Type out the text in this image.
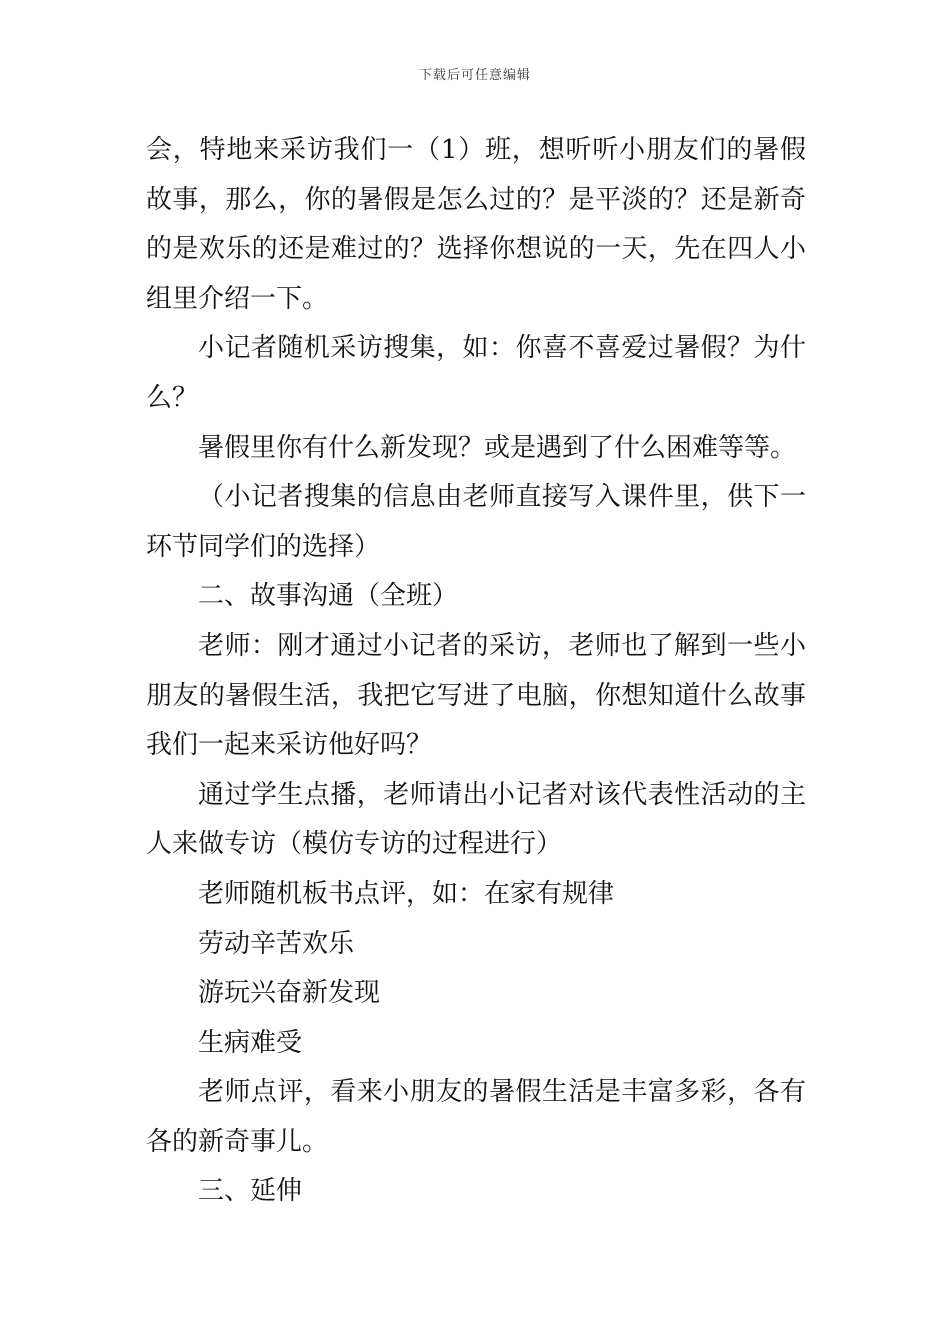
下载后可任意编辑

会，特地来采访我们一（1）班，想听听小朋友们的暑假故事，那么，你的暑假是怎么过的？是平淡的？还是新奇的是欢乐的还是难过的？选择你想说的一天，先在四人小组里介绍一下。

小记者随机采访搜集，如：你喜不喜爱过暑假？为什么？

暑假里你有什么新发现？或是遇到了什么困难等等。

（小记者搜集的信息由老师直接写入课件里，供下一环节同学们的选择）

二、故事沟通（全班）

老师：刚才通过小记者的采访，老师也了解到一些小朋友的暑假生活，我把它写进了电脑，你想知道什么故事我们一起来采访他好吗？

通过学生点播，老师请出小记者对该代表性活动的主人来做专访（模仿专访的过程进行）

老师随机板书点评，如：在家有规律

劳动辛苦欢乐

游玩兴奋新发现

生病难受

老师点评，看来小朋友的暑假生活是丰富多彩，各有各的新奇事儿。

三、延伸
